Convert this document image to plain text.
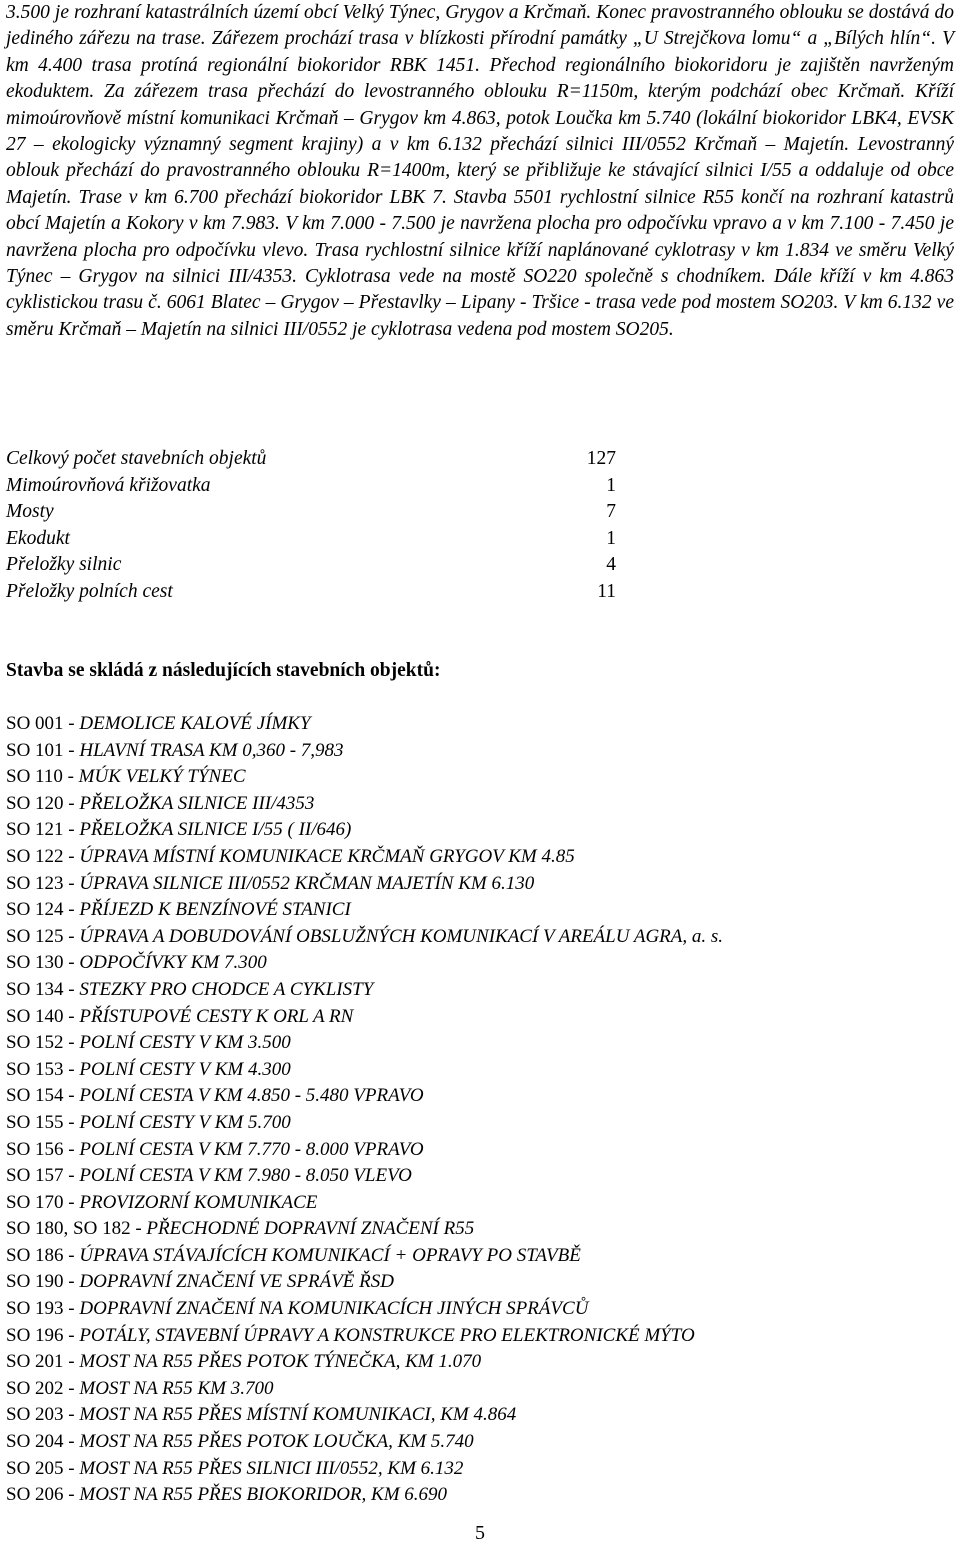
3.500 je rozhraní katastrálních území obcí Velký Týnec, Grygov a Krčmaň. Konec pravostranného oblouku se dostává do jediného zářezu na trase. Zářezem prochází trasa v blízkosti přírodní památky „U Strejčkova lomu“ a „Bílých hlín“. V km 4.400 trasa protíná regionální biokoridor RBK 1451. Přechod regionálního biokoridoru je zajištěn navrženým ekoduktem. Za zářezem trasa přechází do levostranného oblouku R=1150m, kterým podchází obec Krčmaň. Kříží mimoúrovňově místní komunikaci Krčmaň – Grygov km 4.863, potok Loučka km 5.740 (lokální biokoridor LBK4, EVSK 27 – ekologicky významný segment krajiny) a v km 6.132 přechází silnici III/0552 Krčmaň – Majetín. Levostranný oblouk přechází do pravostranného oblouku R=1400m, který se přibližuje ke stávající silnici I/55 a oddaluje od obce Majetín. Trase v km 6.700 přechází biokoridor LBK 7. Stavba 5501 rychlostní silnice R55 končí na rozhraní katastrů obcí Majetín a Kokory v km 7.983. V km 7.000 - 7.500 je navržena plocha pro odpočívku vpravo a v km 7.100 - 7.450 je navržena plocha pro odpočívku vlevo. Trasa rychlostní silnice kříží naplánované cyklotrasy v km 1.834 ve směru Velký Týnec – Grygov na silnici III/4353. Cyklotrasa vede na mostě SO220 společně s chodníkem. Dále kříží v km 4.863 cyklistickou trasu č. 6061 Blatec – Grygov – Přestavlky – Lipany - Tršice - trasa vede pod mostem SO203. V km 6.132 ve směru Krčmaň – Majetín na silnici III/0552 je cyklotrasa vedena pod mostem SO205.

Celkový počet stavebních objektů	127
Mimoúrovňová křižovatka	1
Mosty	7
Ekodukt	1
Přeložky silnic	4
Přeložky polních cest	11
Stavba se skládá z následujících stavebních objektů:
SO 001 - DEMOLICE KALOVÉ JÍMKY
SO 101 - HLAVNÍ TRASA KM 0,360 - 7,983
SO 110 - MÚK VELKÝ TÝNEC
SO 120 - PŘELOŽKA SILNICE III/4353
SO 121 - PŘELOŽKA SILNICE I/55 ( II/646)
SO 122 - ÚPRAVA MÍSTNÍ KOMUNIKACE KRČMAŇ GRYGOV KM 4.85
SO 123 - ÚPRAVA SILNICE III/0552 KRČMAN MAJETÍN KM 6.130
SO 124 - PŘÍJEZD K BENZÍNOVÉ STANICI
SO 125 - ÚPRAVA A DOBUDOVÁNÍ OBSLUŽNÝCH KOMUNIKACÍ V AREÁLU AGRA, a. s.
SO 130 - ODPOČÍVKY KM 7.300
SO 134 - STEZKY PRO CHODCE A CYKLISTY
SO 140 - PŘÍSTUPOVÉ CESTY K ORL A RN
SO 152 - POLNÍ CESTY V KM 3.500
SO 153 - POLNÍ CESTY V KM 4.300
SO 154 - POLNÍ CESTA V KM 4.850 - 5.480 VPRAVO
SO 155 - POLNÍ CESTY V KM 5.700
SO 156 - POLNÍ CESTA V KM 7.770 - 8.000 VPRAVO
SO 157 - POLNÍ CESTA V KM 7.980 - 8.050 VLEVO
SO 170 - PROVIZORNÍ KOMUNIKACE
SO 180, SO 182 - PŘECHODNÉ DOPRAVNÍ ZNAČENÍ R55
SO 186 - ÚPRAVA STÁVAJÍCÍCH KOMUNIKACÍ + OPRAVY PO STAVBĚ
SO 190 - DOPRAVNÍ ZNAČENÍ VE SPRÁVĚ ŘSD
SO 193 - DOPRAVNÍ ZNAČENÍ NA KOMUNIKACÍCH JINÝCH SPRÁVCŮ
SO 196 - POTÁLY, STAVEBNÍ ÚPRAVY A KONSTRUKCE PRO ELEKTRONICKÉ MÝTO
SO 201 - MOST NA R55 PŘES POTOK TÝNEČKA, KM 1.070
SO 202 - MOST NA R55 KM 3.700
SO 203 - MOST NA R55 PŘES MÍSTNÍ KOMUNIKACI, KM 4.864
SO 204 - MOST NA R55 PŘES POTOK LOUČKA, KM 5.740
SO 205 - MOST NA R55 PŘES SILNICI III/0552, KM 6.132
SO 206 - MOST NA R55 PŘES BIOKORIDOR, KM 6.690
5
